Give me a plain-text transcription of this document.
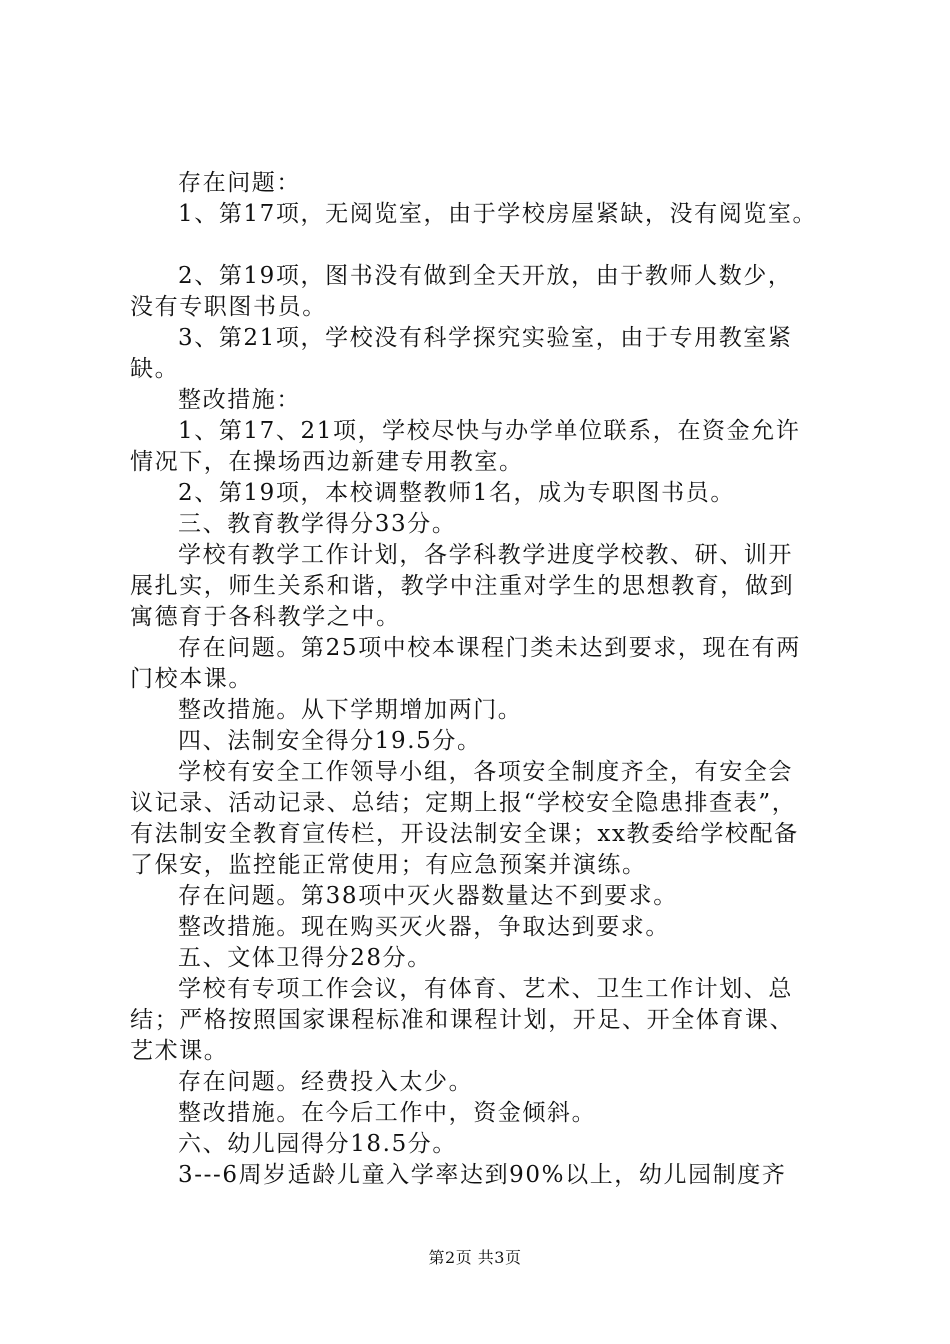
存在问题：
1、第17项，无阅览室，由于学校房屋紧缺，没有阅览室。
2、第19项，图书没有做到全天开放，由于教师人数少，
没有专职图书员。
3、第21项，学校没有科学探究实验室，由于专用教室紧
缺。
整改措施：
1、第17、21项，学校尽快与办学单位联系，在资金允许
情况下，在操场西边新建专用教室。
2、第19项，本校调整教师1名，成为专职图书员。
三、教育教学得分33分。
学校有教学工作计划，各学科教学进度学校教、研、训开
展扎实，师生关系和谐，教学中注重对学生的思想教育，做到
寓德育于各科教学之中。
存在问题。第25项中校本课程门类未达到要求，现在有两
门校本课。
整改措施。从下学期增加两门。
四、法制安全得分19.5分。
学校有安全工作领导小组，各项安全制度齐全，有安全会
议记录、活动记录、总结；定期上报“学校安全隐患排查表”，
有法制安全教育宣传栏，开设法制安全课；xx教委给学校配备
了保安，监控能正常使用；有应急预案并演练。
存在问题。第38项中灭火器数量达不到要求。
整改措施。现在购买灭火器，争取达到要求。
五、文体卫得分28分。
学校有专项工作会议，有体育、艺术、卫生工作计划、总
结；严格按照国家课程标准和课程计划，开足、开全体育课、
艺术课。
存在问题。经费投入太少。
整改措施。在今后工作中，资金倾斜。
六、幼儿园得分18.5分。
3---6周岁适龄儿童入学率达到90%以上，幼儿园制度齐
第2页 共3页
